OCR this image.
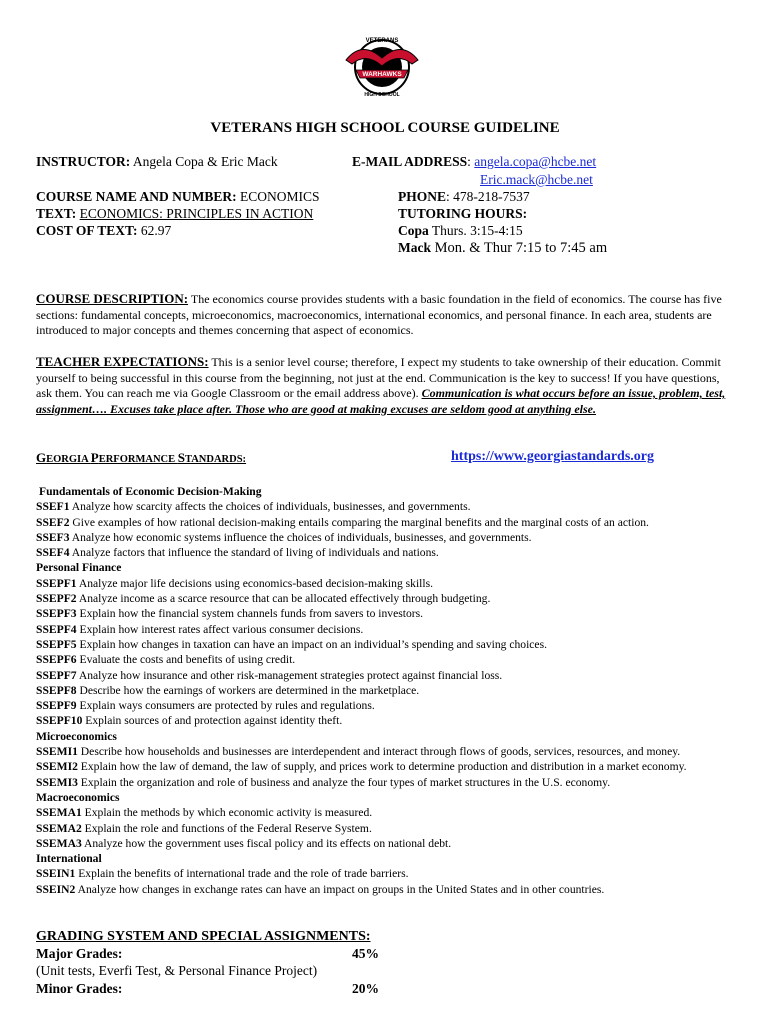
VETERANS
WARHAWKS
HIGH SCHOOL
VETERANS HIGH SCHOOL COURSE GUIDELINE
INSTRUCTOR: Angela Copa & Eric Mack	E-MAIL ADDRESS: angela.copa@hcbe.net
Eric.mack@hcbe.net
COURSE NAME AND NUMBER: ECONOMICS
TEXT: ECONOMICS: PRINCIPLES IN ACTION
COST OF TEXT: 62.97
PHONE: 478-218-7537
TUTORING HOURS:
Copa Thurs. 3:15-4:15
Mack Mon. & Thur 7:15 to 7:45 am
COURSE DESCRIPTION: The economics course provides students with a basic foundation in the field of economics. The course has five sections: fundamental concepts, microeconomics, macroeconomics, international economics, and personal finance. In each area, students are introduced to major concepts and themes concerning that aspect of economics.
TEACHER EXPECTATIONS: This is a senior level course; therefore, I expect my students to take ownership of their education. Commit yourself to being successful in this course from the beginning, not just at the end. Communication is the key to success! If you have questions, ask them. You can reach me via Google Classroom or the email address above). Communication is what occurs before an issue, problem, test, assignment…. Excuses take place after. Those who are good at making excuses are seldom good at anything else.
GEORGIA PERFORMANCE STANDARDS:	https://www.georgiastandards.org
Fundamentals of Economic Decision-Making
SSEF1 Analyze how scarcity affects the choices of individuals, businesses, and governments.
SSEF2 Give examples of how rational decision-making entails comparing the marginal benefits and the marginal costs of an action.
SSEF3 Analyze how economic systems influence the choices of individuals, businesses, and governments.
SSEF4 Analyze factors that influence the standard of living of individuals and nations.
Personal Finance
SSEPF1 Analyze major life decisions using economics-based decision-making skills.
SSEPF2 Analyze income as a scarce resource that can be allocated effectively through budgeting.
SSEPF3 Explain how the financial system channels funds from savers to investors.
SSEPF4 Explain how interest rates affect various consumer decisions.
SSEPF5 Explain how changes in taxation can have an impact on an individual’s spending and saving choices.
SSEPF6 Evaluate the costs and benefits of using credit.
SSEPF7 Analyze how insurance and other risk-management strategies protect against financial loss.
SSEPF8 Describe how the earnings of workers are determined in the marketplace.
SSEPF9 Explain ways consumers are protected by rules and regulations.
SSEPF10 Explain sources of and protection against identity theft.
Microeconomics
SSEMI1 Describe how households and businesses are interdependent and interact through flows of goods, services, resources, and money.
SSEMI2 Explain how the law of demand, the law of supply, and prices work to determine production and distribution in a market economy.
SSEMI3 Explain the organization and role of business and analyze the four types of market structures in the U.S. economy.
Macroeconomics
SSEMA1 Explain the methods by which economic activity is measured.
SSEMA2 Explain the role and functions of the Federal Reserve System.
SSEMA3 Analyze how the government uses fiscal policy and its effects on national debt.
International
SSEIN1 Explain the benefits of international trade and the role of trade barriers.
SSEIN2 Analyze how changes in exchange rates can have an impact on groups in the United States and in other countries.
GRADING SYSTEM AND SPECIAL ASSIGNMENTS:
Major Grades:	45%
(Unit tests, Everfi Test, & Personal Finance Project)
Minor Grades:	20%
